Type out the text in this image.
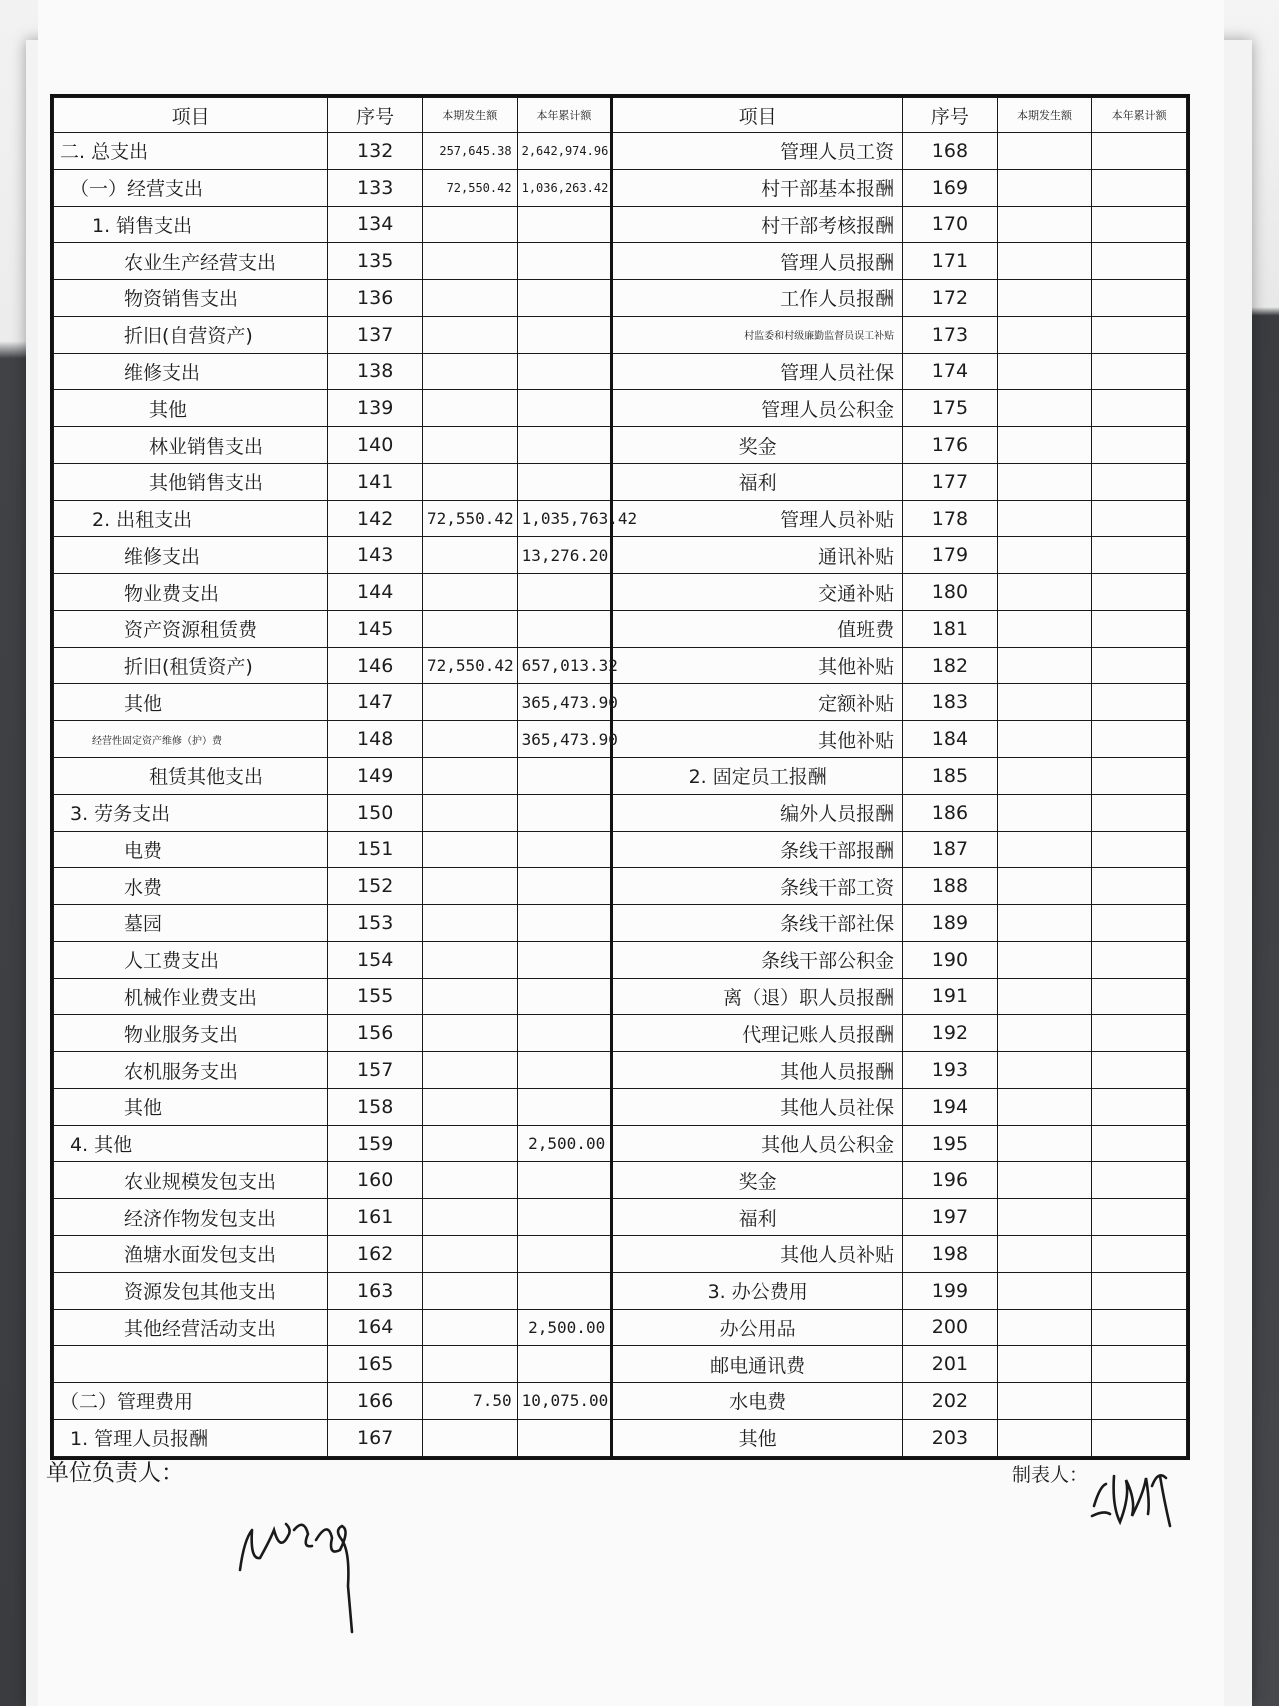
项目	序号	本期发生额	本年累计额	项目	序号	本期发生额	本年累计额
二. 总支出	132	257,645.38	2,642,974.96	管理人员工资	168		
（一）经营支出	133	72,550.42	1,036,263.42	村干部基本报酬	169		
1. 销售支出	134			村干部考核报酬	170		
农业生产经营支出	135			管理人员报酬	171		
物资销售支出	136			工作人员报酬	172		
折旧(自营资产)	137			村监委和村级廉勤监督员误工补贴	173		
维修支出	138			管理人员社保	174		
其他	139			管理人员公积金	175		
林业销售支出	140			奖金	176		
其他销售支出	141			福利	177		
2. 出租支出	142	72,550.42	1,035,763.42	管理人员补贴	178		
维修支出	143		13,276.20	通讯补贴	179		
物业费支出	144			交通补贴	180		
资产资源租赁费	145			值班费	181		
折旧(租赁资产)	146	72,550.42	657,013.32	其他补贴	182		
其他	147		365,473.90	定额补贴	183		
经营性固定资产维修（护）费	148		365,473.90	其他补贴	184		
租赁其他支出	149			2. 固定员工报酬	185		
3. 劳务支出	150			编外人员报酬	186		
电费	151			条线干部报酬	187		
水费	152			条线干部工资	188		
墓园	153			条线干部社保	189		
人工费支出	154			条线干部公积金	190		
机械作业费支出	155			离（退）职人员报酬	191		
物业服务支出	156			代理记账人员报酬	192		
农机服务支出	157			其他人员报酬	193		
其他	158			其他人员社保	194		
4. 其他	159		2,500.00	其他人员公积金	195		
农业规模发包支出	160			奖金	196		
经济作物发包支出	161			福利	197		
渔塘水面发包支出	162			其他人员补贴	198		
资源发包其他支出	163			3. 办公费用	199		
其他经营活动支出	164		2,500.00	办公用品	200		
	165			邮电通讯费	201		
（二）管理费用	166	7.50	10,075.00	水电费	202		
1. 管理人员报酬	167			其他	203		
单位负责人：	制表人：
